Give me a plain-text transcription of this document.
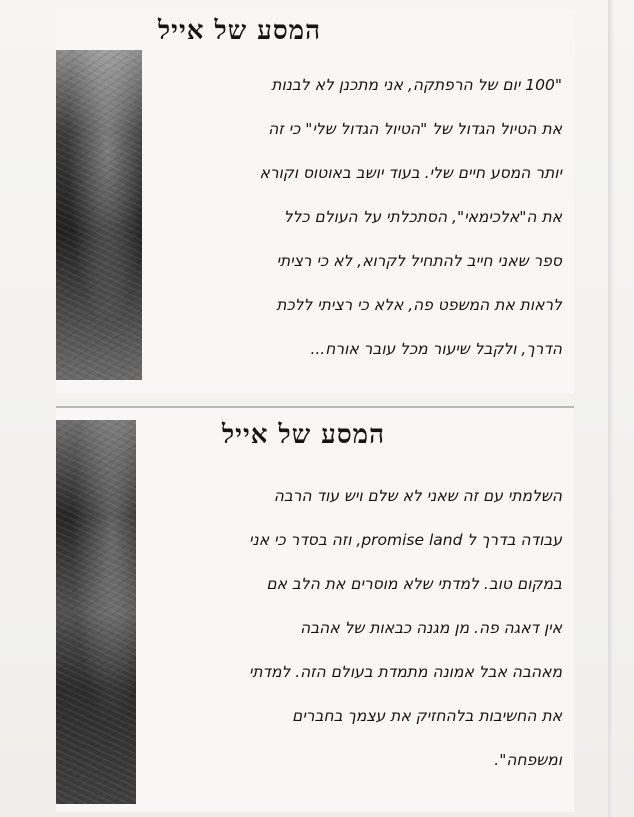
המסע של אייל
"100 יום של הרפתקה, אני מתכנן לא לבנות
את הטיול הגדול של "הטיול הגדול שלי" כי זה
יותר המסע חיים שלי. בעוד יושב באוטוס וקורא
את ה"אלכימאי", הסתכלתי על העולם כלל
ספר שאני חייב להתחיל לקרוא, לא כי רציתי
לראות את המשפט פה, אלא כי רציתי ללכת
הדרך, ולקבל שיעור מכל עובר אורח...
המסע של אייל
השלמתי עם זה שאני לא שלם ויש עוד הרבה
עבודה בדרך ל promise land, וזה בסדר כי אני
במקום טוב. למדתי שלא מוסרים את הלב אם
אין דאגה פה. מן מגנה כבאות של אהבה
מאהבה אבל אמונה מתמדת בעולם הזה. למדתי
את החשיבות בלהחזיק את עצמך בחברים
ומשפחה".
